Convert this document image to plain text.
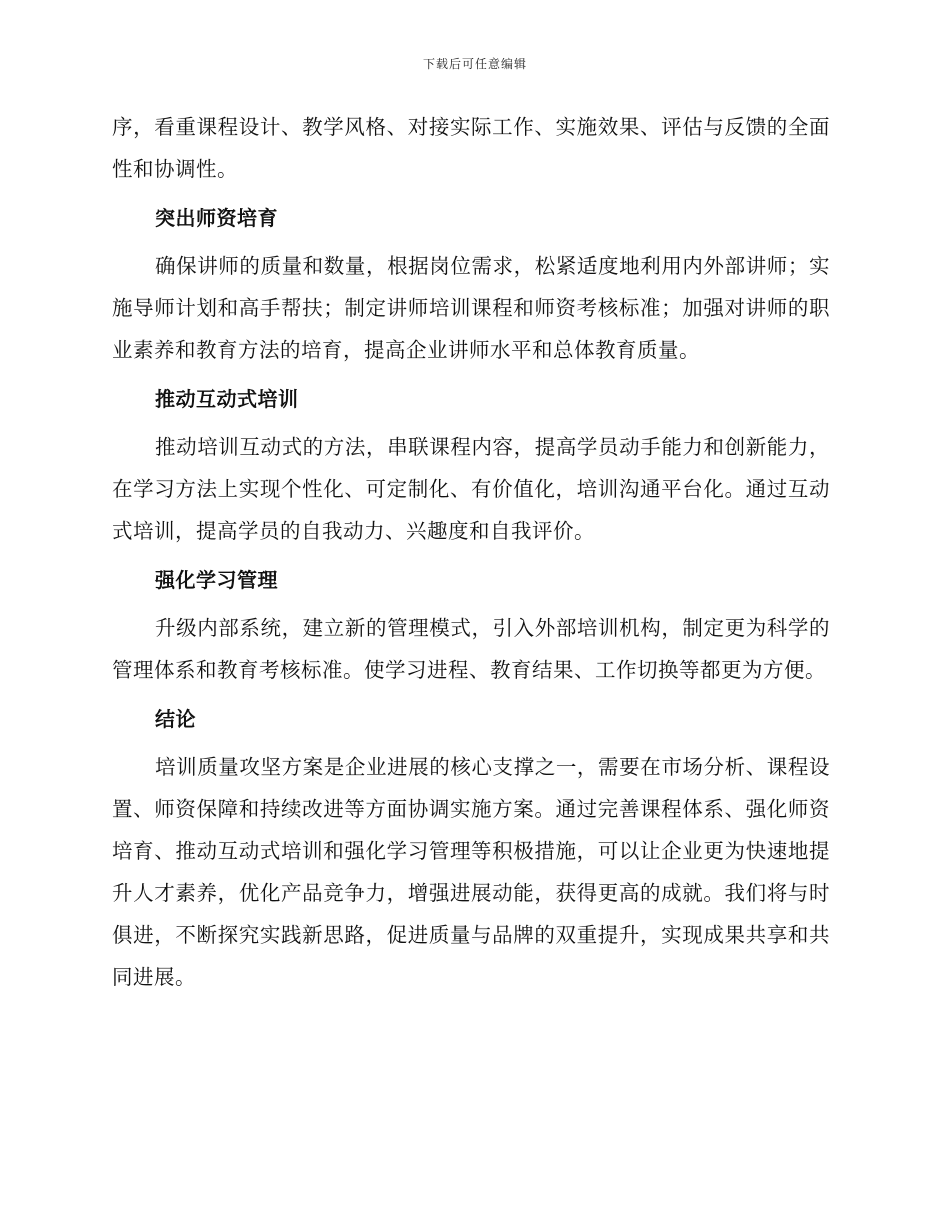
下载后可任意编辑

序，看重课程设计、教学风格、对接实际工作、实施效果、评估与反馈的全面性和协调性。

突出师资培育

确保讲师的质量和数量，根据岗位需求，松紧适度地利用内外部讲师；实施导师计划和高手帮扶；制定讲师培训课程和师资考核标准；加强对讲师的职业素养和教育方法的培育，提高企业讲师水平和总体教育质量。

推动互动式培训

推动培训互动式的方法，串联课程内容，提高学员动手能力和创新能力，在学习方法上实现个性化、可定制化、有价值化，培训沟通平台化。通过互动式培训，提高学员的自我动力、兴趣度和自我评价。

强化学习管理

升级内部系统，建立新的管理模式，引入外部培训机构，制定更为科学的管理体系和教育考核标准。使学习进程、教育结果、工作切换等都更为方便。

结论

培训质量攻坚方案是企业进展的核心支撑之一，需要在市场分析、课程设置、师资保障和持续改进等方面协调实施方案。通过完善课程体系、强化师资培育、推动互动式培训和强化学习管理等积极措施，可以让企业更为快速地提升人才素养，优化产品竞争力，增强进展动能，获得更高的成就。我们将与时俱进，不断探究实践新思路，促进质量与品牌的双重提升，实现成果共享和共同进展。
